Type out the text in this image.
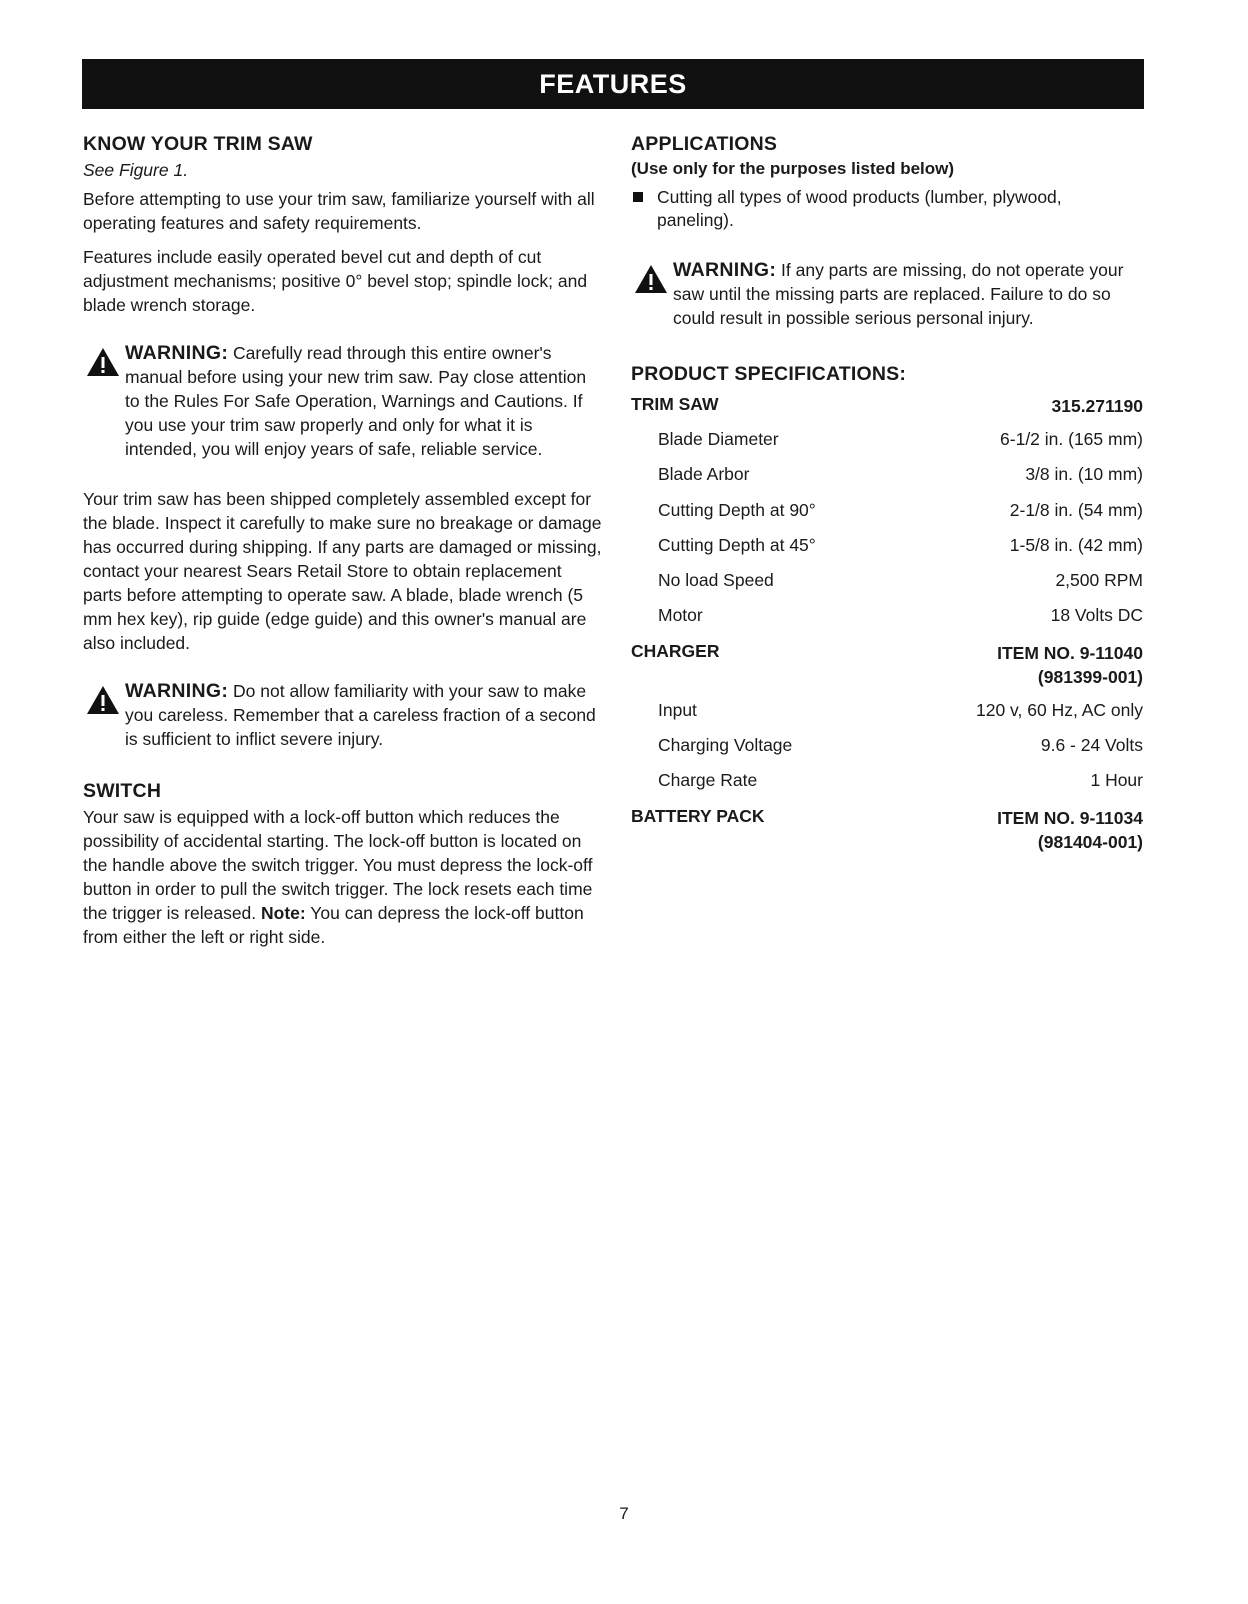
FEATURES
KNOW YOUR TRIM SAW

See Figure 1.

Before attempting to use your trim saw, familiarize yourself with all operating features and safety requirements.

Features include easily operated bevel cut and depth of cut adjustment mechanisms; positive 0° bevel stop; spindle lock; and blade wrench storage.

WARNING: Carefully read through this entire owner's manual before using your new trim saw. Pay close attention to the Rules For Safe Operation, Warnings and Cautions. If you use your trim saw properly and only for what it is intended, you will enjoy years of safe, reliable service.

Your trim saw has been shipped completely assembled except for the blade. Inspect it carefully to make sure no breakage or damage has occurred during shipping. If any parts are damaged or missing, contact your nearest Sears Retail Store to obtain replacement parts before attempting to operate saw. A blade, blade wrench (5 mm hex key), rip guide (edge guide) and this owner's manual are also included.

WARNING: Do not allow familiarity with your saw to make you careless. Remember that a careless fraction of a second is sufficient to inflict severe injury.
SWITCH

Your saw is equipped with a lock-off button which reduces the possibility of accidental starting. The lock-off button is located on the handle above the switch trigger. You must depress the lock-off button in order to pull the switch trigger. The lock resets each time the trigger is released. Note: You can depress the lock-off button from either the left or right side.

APPLICATIONS

(Use only for the purposes listed below)

Cutting all types of wood products (lumber, plywood, paneling).

WARNING: If any parts are missing, do not operate your saw until the missing parts are replaced. Failure to do so could result in possible serious personal injury.
PRODUCT SPECIFICATIONS:
TRIM SAW	315.271190
Blade Diameter	6-1/2 in. (165 mm)
Blade Arbor	3/8 in. (10 mm)
Cutting Depth at 90°	2-1/8 in. (54 mm)
Cutting Depth at 45°	1-5/8 in. (42 mm)
No load Speed	2,500 RPM
Motor	18 Volts DC
CHARGER	ITEM NO. 9-11040
(981399-001)
Input	120 v, 60 Hz, AC only
Charging Voltage	9.6 - 24 Volts
Charge Rate	1 Hour
BATTERY PACK	ITEM NO. 9-11034
(981404-001)
7
